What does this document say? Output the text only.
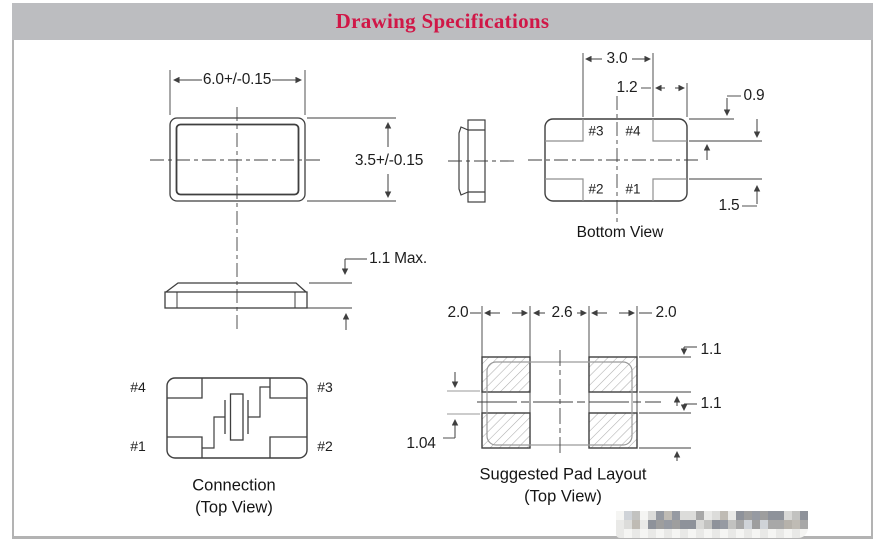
Drawing Specifications
6.0+/-0.15
3.5+/-0.15
1.1 Max.
3.0
1.2	0.9
1.5
#3 #4
#2 #1
Bottom View
#4	#3
#1	#2
Connection
(Top View)
2.0	2.6	2.0
1.1
1.1
1.04
Suggested Pad Layout
(Top View)
